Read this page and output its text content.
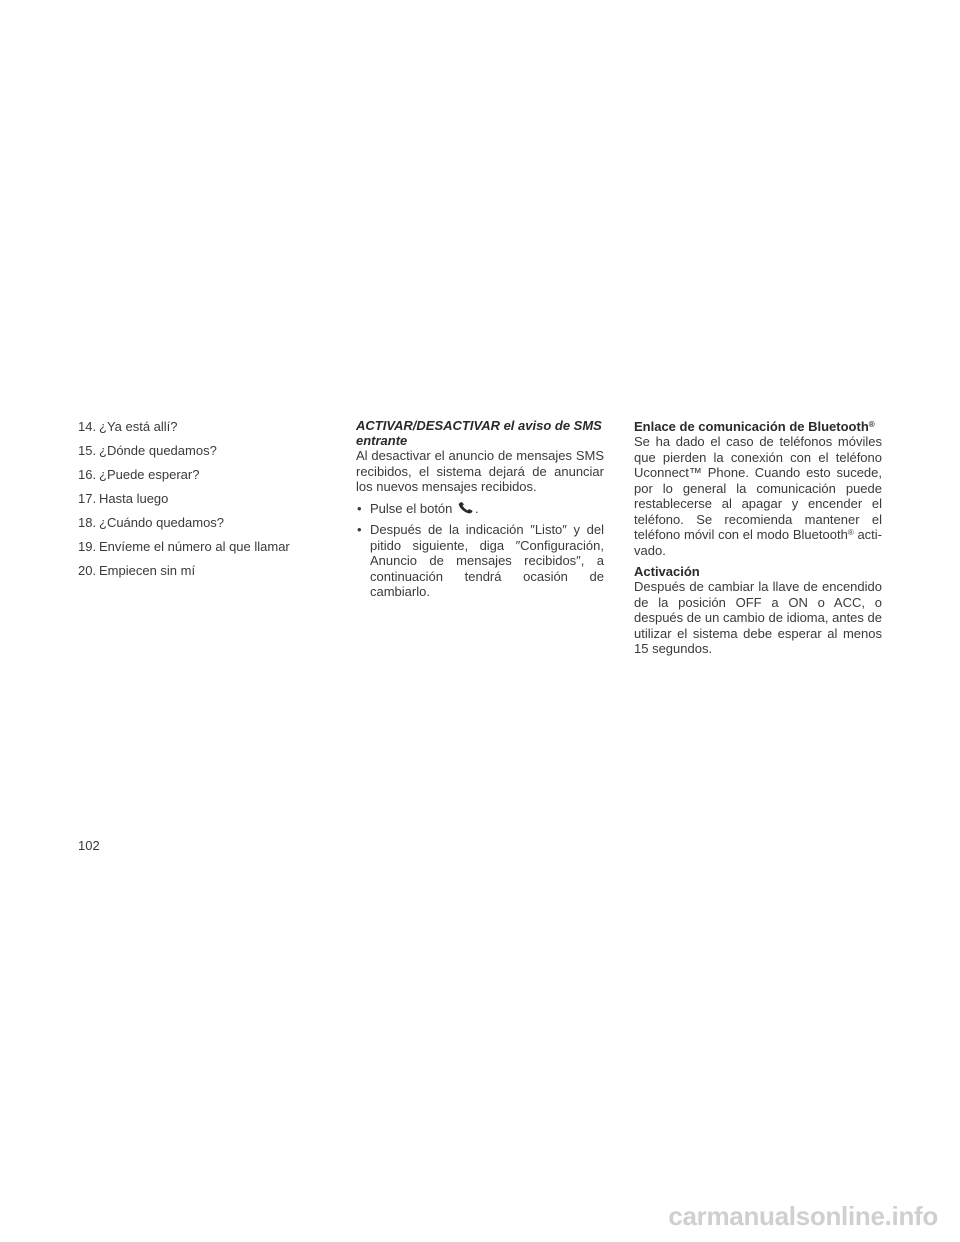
14. ¿Ya está allí?
15. ¿Dónde quedamos?
16. ¿Puede esperar?
17. Hasta luego
18. ¿Cuándo quedamos?
19. Envíeme el número al que llamar
20. Empiecen sin mí

ACTIVAR/DESACTIVAR el aviso de SMS
entrante

Al desactivar el anuncio de mensajes SMS recibidos, el sistema dejará de anunciar los nuevos mensajes recibidos.

• Pulse el botón .
• Después de la indicación ″Listo″ y del pitido siguiente, diga ″Configuración, Anuncio de mensajes recibidos″, a continuación tendrá ocasión de cambiarlo.

Enlace de comunicación de Bluetooth®

Se ha dado el caso de teléfonos móviles que pierden la conexión con el teléfono Uconnect™ Phone. Cuando esto sucede, por lo general la comunicación puede restablecerse al apagar y encender el teléfono. Se recomienda mantener el teléfono móvil con el modo Bluetooth® acti-vado.

Activación

Después de cambiar la llave de encendido de la posición OFF a ON o ACC, o después de un cambio de idioma, antes de utilizar el sistema debe esperar al menos 15 segundos.

102
carmanualsonline.info
